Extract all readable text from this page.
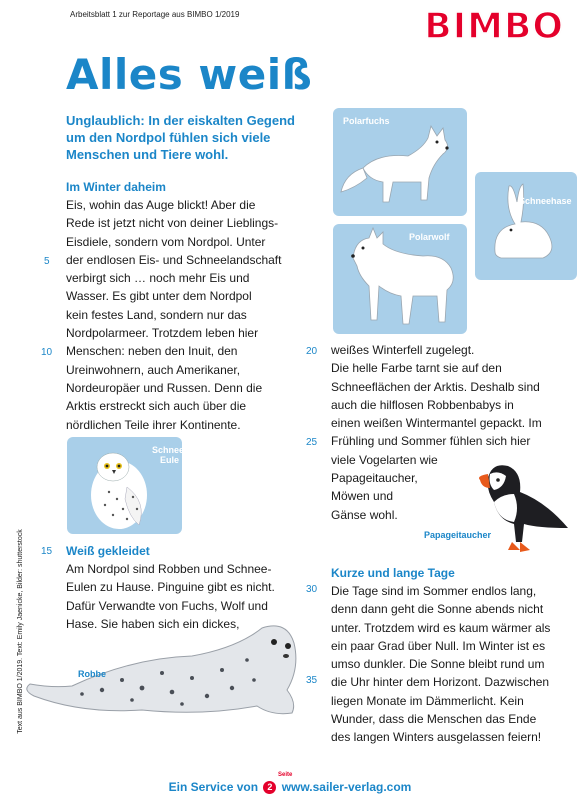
Arbeitsblatt 1 zur Reportage aus BIMBO 1/2019	BIMBO
Alles weiß
Unglaublich: In der eiskalten Gegend um den Nordpol fühlen sich viele Menschen und Tiere wohl.
Text aus BIMBO 1/2019. Text: Emily Jaenicke, Bilder: shutterstock
Im Winter daheim
Eis, wohin das Auge blickt! Aber die
Rede ist jetzt nicht von deiner Lieblings-
Eisdiele, sondern vom Nordpol. Unter
der endlosen Eis- und Schneelandschaft
verbirgt sich … noch mehr Eis und
Wasser. Es gibt unter dem Nordpol
kein festes Land, sondern nur das
Nordpolarmeer. Trotzdem leben hier
Menschen: neben den Inuit, den
Ureinwohnern, auch Amerikaner,
Nordeuropäer und Russen. Denn die
Arktis erstreckt sich auch über die
nördlichen Teile ihrer Kontinente.
5
10
15
20
25
30
35
Schnee-
Eule
Weiß gekleidet
Am Nordpol sind Robben und Schnee-
Eulen zu Hause. Pinguine gibt es nicht.
Dafür Verwandte von Fuchs, Wolf und
Hase. Sie haben sich ein dickes,
Robbe
Polarfuchs
Schneehase
Polarwolf
weißes Winterfell zugelegt.
Die helle Farbe tarnt sie auf den
Schneeflächen der Arktis. Deshalb sind
auch die hilflosen Robbenbabys in
einen weißen Wintermantel gepackt. Im
Frühling und Sommer fühlen sich hier
viele Vogelarten wie
Papageitaucher,
Möwen und
Gänse wohl.
Papageitaucher
Kurze und lange Tage
Die Tage sind im Sommer endlos lang,
denn dann geht die Sonne abends nicht
unter. Trotzdem wird es kaum wärmer als
ein paar Grad über Null. Im Winter ist es
umso dunkler. Die Sonne bleibt rund um
die Uhr hinter dem Horizont. Dazwischen
liegen Monate im Dämmerlicht. Kein
Wunder, dass die Menschen das Ende
des langen Winters ausgelassen feiern!
Ein Service von 2 www.sailer-verlag.com
Seite
